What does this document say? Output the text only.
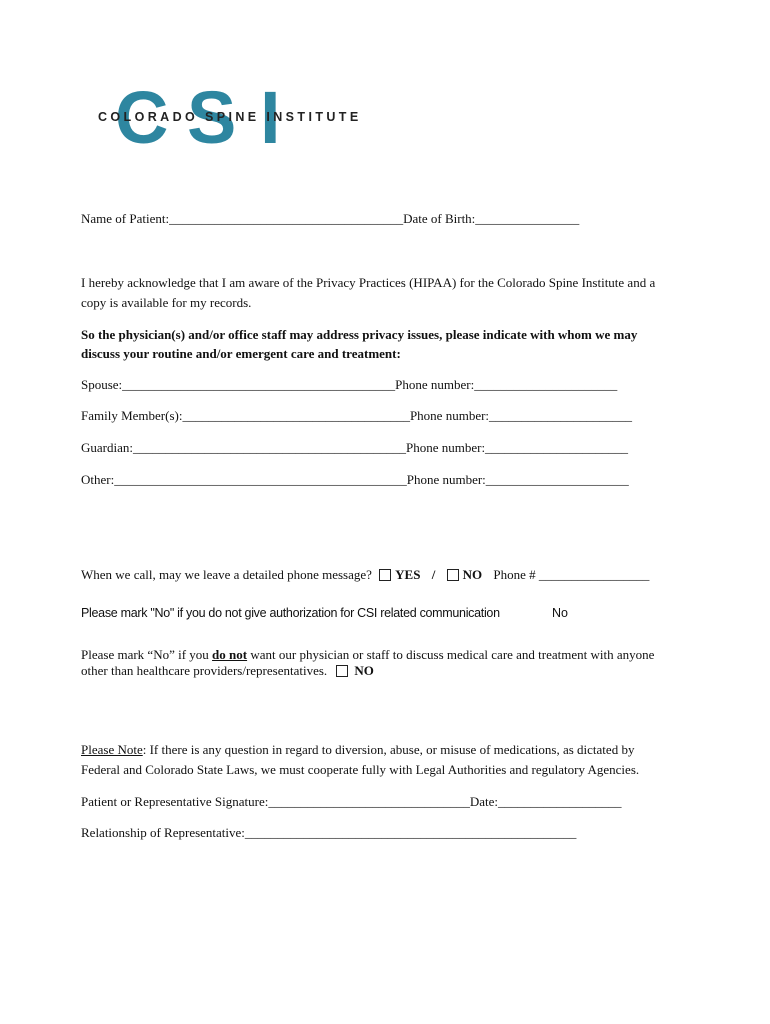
C S I
COLORADO SPINE INSTITUTE
Name of Patient:____________________________________Date of Birth:________________
I hereby acknowledge that I am aware of the Privacy Practices (HIPAA) for the Colorado Spine Institute and a
copy is available for my records.
So the physician(s) and/or office staff may address privacy issues, please indicate with whom we may
discuss your routine and/or emergent care and treatment:
Spouse:__________________________________________Phone number:______________________
Family Member(s):___________________________________Phone number:______________________
Guardian:__________________________________________Phone number:______________________
Other:_____________________________________________Phone number:______________________
When we call, may we leave a detailed phone message? YES / NO Phone # _________________
Please mark "No" if you do not give authorization for CSI related communication	No
Please mark “No” if you do not want our physician or staff to discuss medical care and treatment with anyone
other than healthcare providers/representatives. NO
Please Note: If there is any question in regard to diversion, abuse, or misuse of medications, as dictated by
Federal and Colorado State Laws, we must cooperate fully with Legal Authorities and regulatory Agencies.
Patient or Representative Signature:_______________________________Date:___________________
Relationship of Representative:___________________________________________________
